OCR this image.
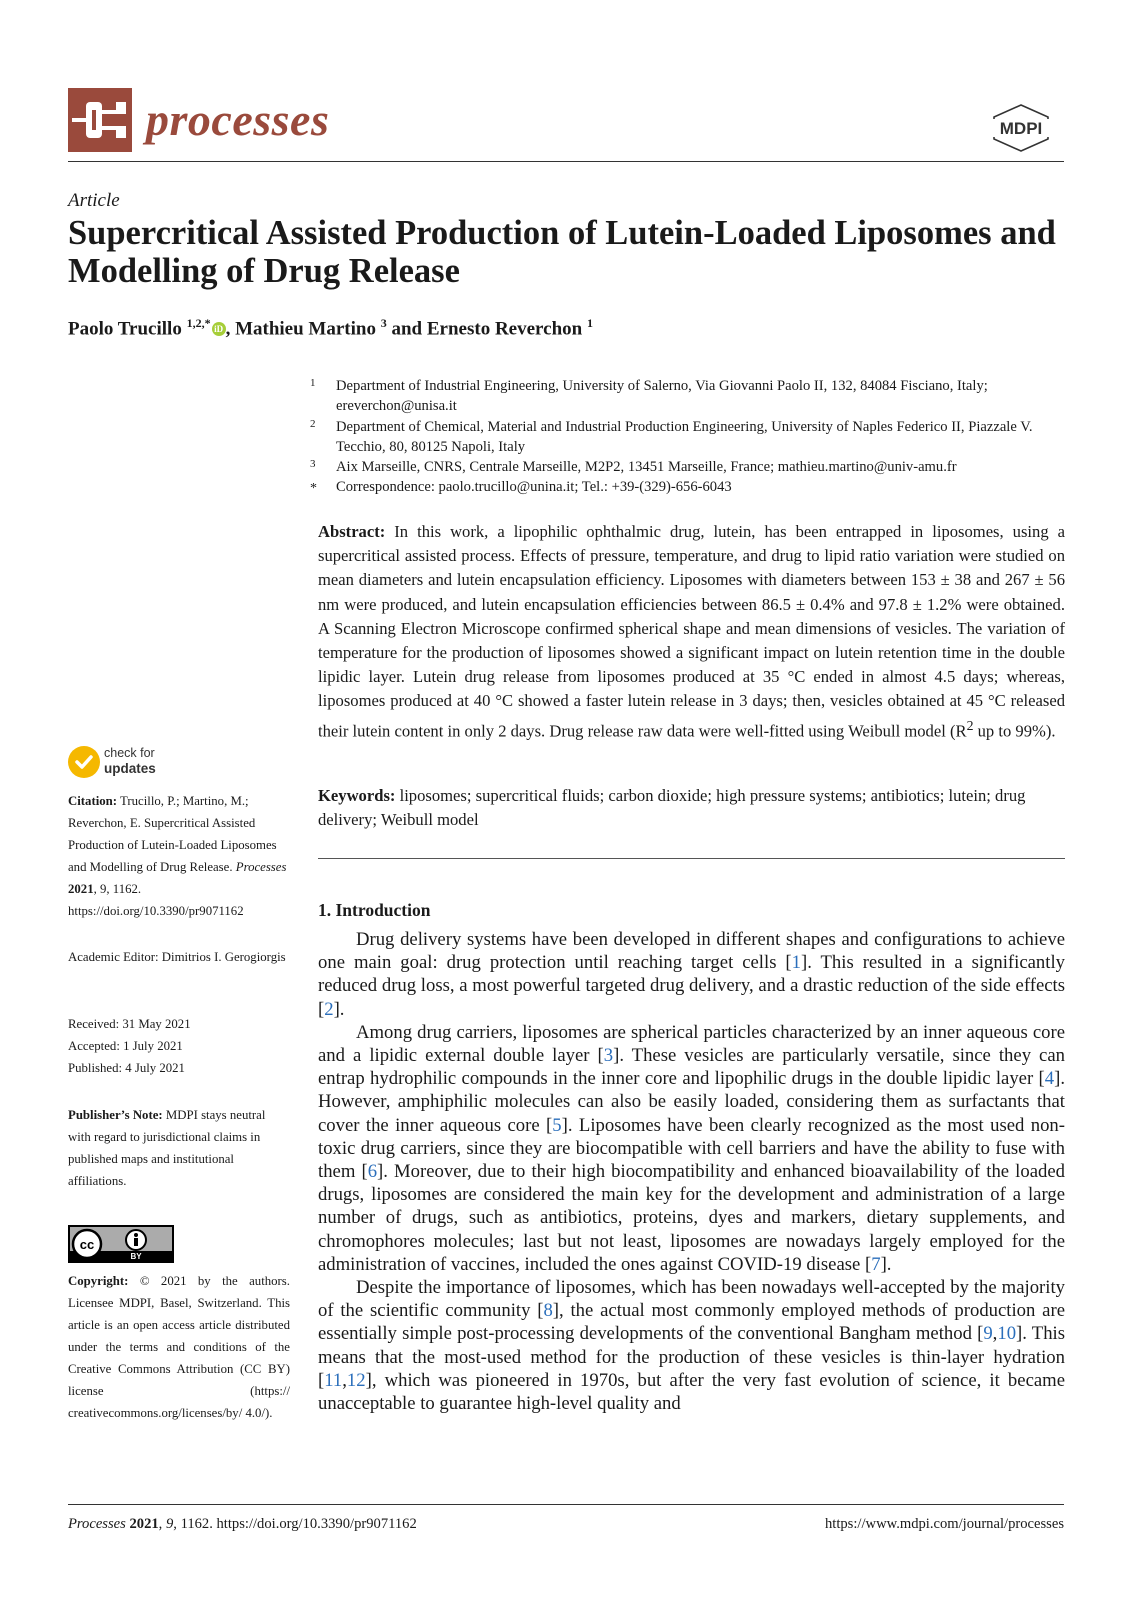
processes	MDPI
Article
Supercritical Assisted Production of Lutein-Loaded Liposomes and Modelling of Drug Release
Paolo Trucillo $^{1,2,*}$ iD , Mathieu Martino $^3$ and Ernesto Reverchon $^1$
1 Department of Industrial Engineering, University of Salerno, Via Giovanni Paolo II, 132, 84084 Fisciano, Italy; ereverchon@unisa.it
2 Department of Chemical, Material and Industrial Production Engineering, University of Naples Federico II, Piazzale V. Tecchio, 80, 80125 Napoli, Italy
3 Aix Marseille, CNRS, Centrale Marseille, M2P2, 13451 Marseille, France; mathieu.martino@univ-amu.fr
* Correspondence: paolo.trucillo@unina.it; Tel.: +39-(329)-656-6043

Abstract: In this work, a lipophilic ophthalmic drug, lutein, has been entrapped in liposomes, using a supercritical assisted process. Effects of pressure, temperature, and drug to lipid ratio variation were studied on mean diameters and lutein encapsulation efficiency. Liposomes with diameters between 153 ± 38 and 267 ± 56 nm were produced, and lutein encapsulation efficiencies between 86.5 ± 0.4% and 97.8 ± 1.2% were obtained. A Scanning Electron Microscope confirmed spherical shape and mean dimensions of vesicles. The variation of temperature for the production of liposomes showed a significant impact on lutein retention time in the double lipidic layer. Lutein drug release from liposomes produced at 35 °C ended in almost 4.5 days; whereas, liposomes produced at 40 °C showed a faster lutein release in 3 days; then, vesicles obtained at 45 °C released their lutein content in only 2 days. Drug release raw data were well-fitted using Weibull model ($R^2$ up to 99%).

Keywords: liposomes; supercritical fluids; carbon dioxide; high pressure systems; antibiotics; lutein; drug delivery; Weibull model

1. Introduction

Drug delivery systems have been developed in different shapes and configurations to achieve one main goal: drug protection until reaching target cells [1]. This resulted in a significantly reduced drug loss, a most powerful targeted drug delivery, and a drastic reduction of the side effects [2].

Among drug carriers, liposomes are spherical particles characterized by an inner aqueous core and a lipidic external double layer [3]. These vesicles are particularly versatile, since they can entrap hydrophilic compounds in the inner core and lipophilic drugs in the double lipidic layer [4]. However, amphiphilic molecules can also be easily loaded, considering them as surfactants that cover the inner aqueous core [5]. Liposomes have been clearly recognized as the most used non-toxic drug carriers, since they are biocompatible with cell barriers and have the ability to fuse with them [6]. Moreover, due to their high biocompatibility and enhanced bioavailability of the loaded drugs, liposomes are considered the main key for the development and administration of a large number of drugs, such as antibiotics, proteins, dyes and markers, dietary supplements, and chromophores molecules; last but not least, liposomes are nowadays largely employed for the administration of vaccines, included the ones against COVID-19 disease [7].

Despite the importance of liposomes, which has been nowadays well-accepted by the majority of the scientific community [8], the actual most commonly employed methods of production are essentially simple post-processing developments of the conventional Bangham method [9,10]. This means that the most-used method for the production of these vesicles is thin-layer hydration [11,12], which was pioneered in 1970s, but after the very fast evolution of science, it became unacceptable to guarantee high-level quality and

check for
updates
Citation: Trucillo, P.; Martino, M.; Reverchon, E. Supercritical Assisted Production of Lutein-Loaded Liposomes and Modelling of Drug Release. Processes 2021, 9, 1162. https://doi.org/10.3390/pr9071162
Academic Editor: Dimitrios I. Gerogiorgis
Received: 31 May 2021
Accepted: 1 July 2021
Published: 4 July 2021
Publisher’s Note: MDPI stays neutral with regard to jurisdictional claims in published maps and institutional affiliations.
cc
BY
Copyright: © 2021 by the authors. Licensee MDPI, Basel, Switzerland. This article is an open access article distributed under the terms and conditions of the Creative Commons Attribution (CC BY) license (https:// creativecommons.org/licenses/by/ 4.0/).
Processes 2021, 9, 1162. https://doi.org/10.3390/pr9071162	https://www.mdpi.com/journal/processes
